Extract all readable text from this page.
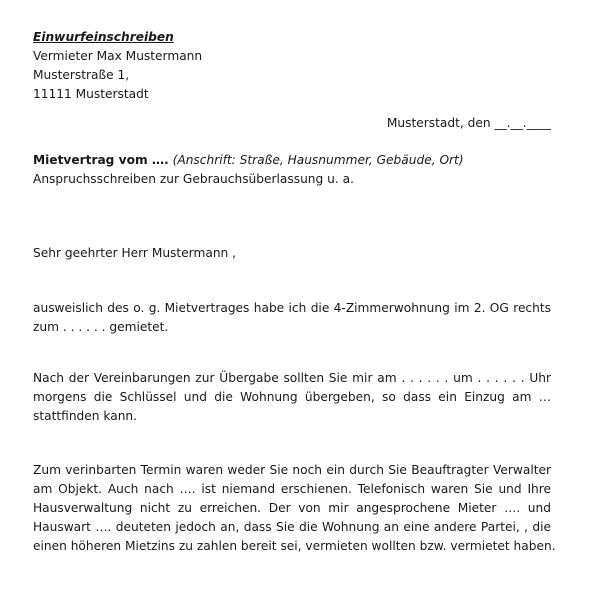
Einwurfeinschreiben
Vermieter Max Mustermann
Musterstraße 1,
11111 Musterstadt
Musterstadt, den __.__.____
Mietvertrag vom …. (Anschrift: Straße, Hausnummer, Gebäude, Ort)
Anspruchsschreiben zur Gebrauchsüberlassung u. a.
Sehr geehrter Herr Mustermann ,
ausweislich des o. g. Mietvertrages habe ich die 4-Zimmerwohnung im 2. OG rechts
zum . . . . . . gemietet.
Nach der Vereinbarungen zur Übergabe sollten Sie mir am . . . . . . um . . . . . . Uhr
morgens die Schlüssel und die Wohnung übergeben, so dass ein Einzug am …
stattfinden kann.
Zum verinbarten Termin waren weder Sie noch ein durch Sie Beauftragter Verwalter
am Objekt. Auch nach …. ist niemand erschienen. Telefonisch waren Sie und Ihre
Hausverwaltung nicht zu erreichen. Der von mir angesprochene Mieter …. und
Hauswart …. deuteten jedoch an, dass Sie die Wohnung an eine andere Partei, , die
einen höheren Mietzins zu zahlen bereit sei, vermieten wollten bzw. vermietet haben.
